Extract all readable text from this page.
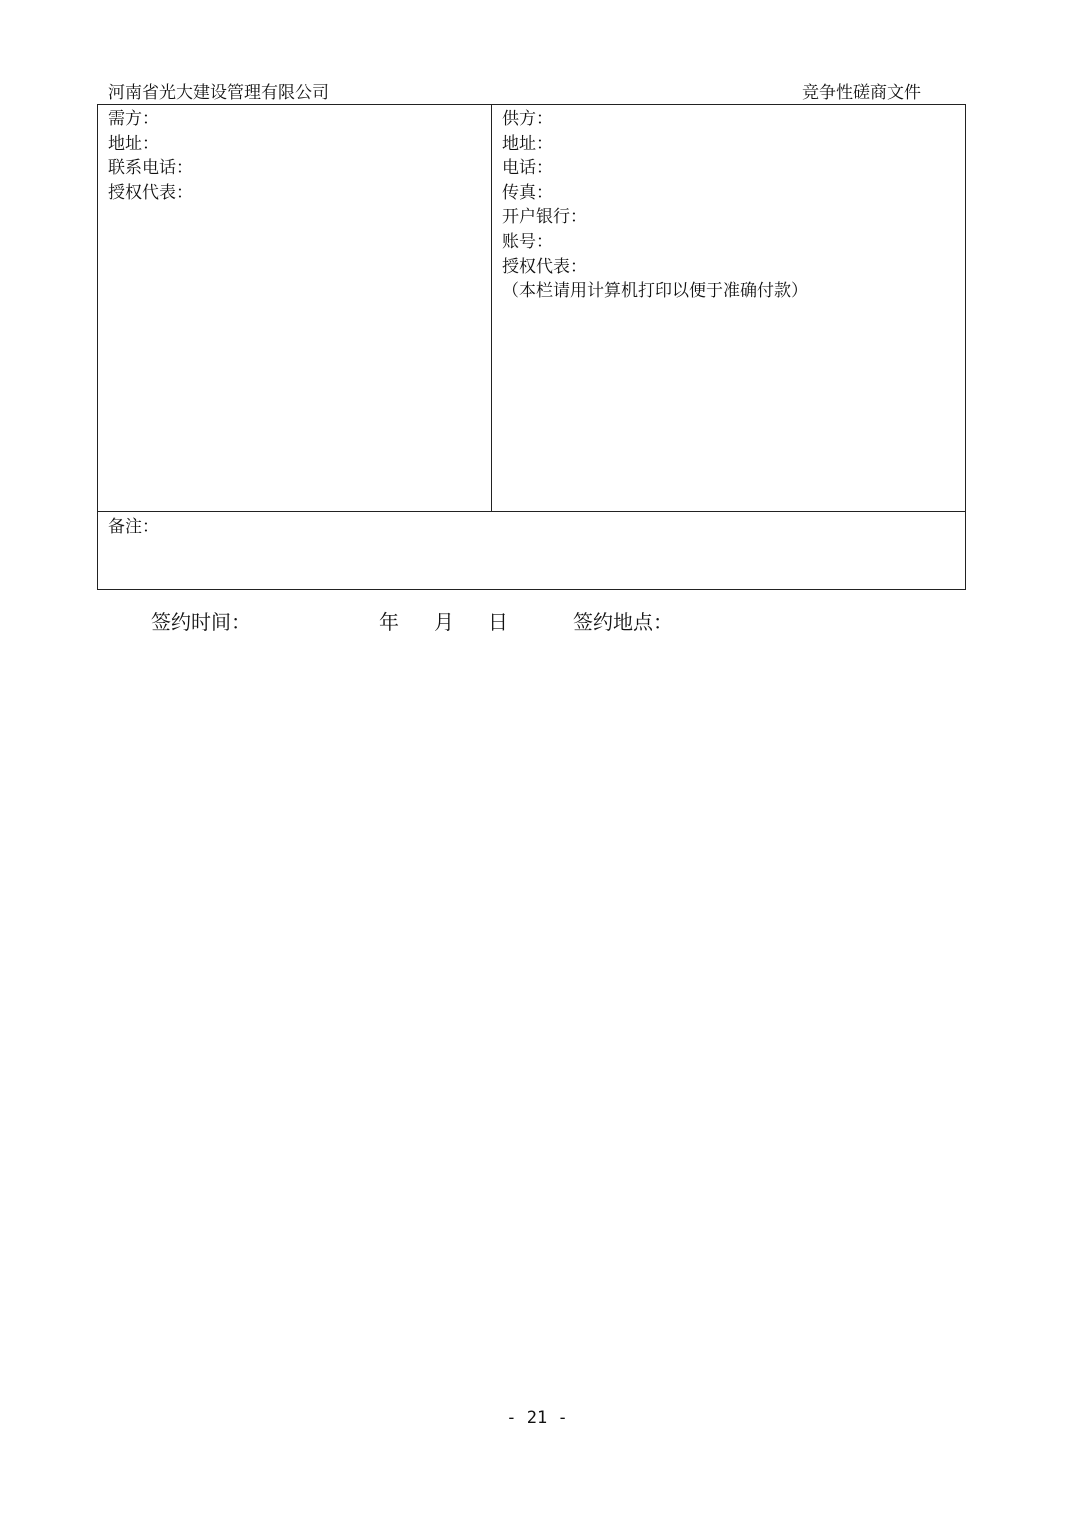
河南省光大建设管理有限公司	竞争性磋商文件
需方：
地址：
联系电话：
授权代表：
供方：
地址：
电话：
传真：
开户银行：
账号：
授权代表：
（本栏请用计算机打印以便于准确付款）
备注：
签约时间：	年 月 日	签约地点：
- 21 -
